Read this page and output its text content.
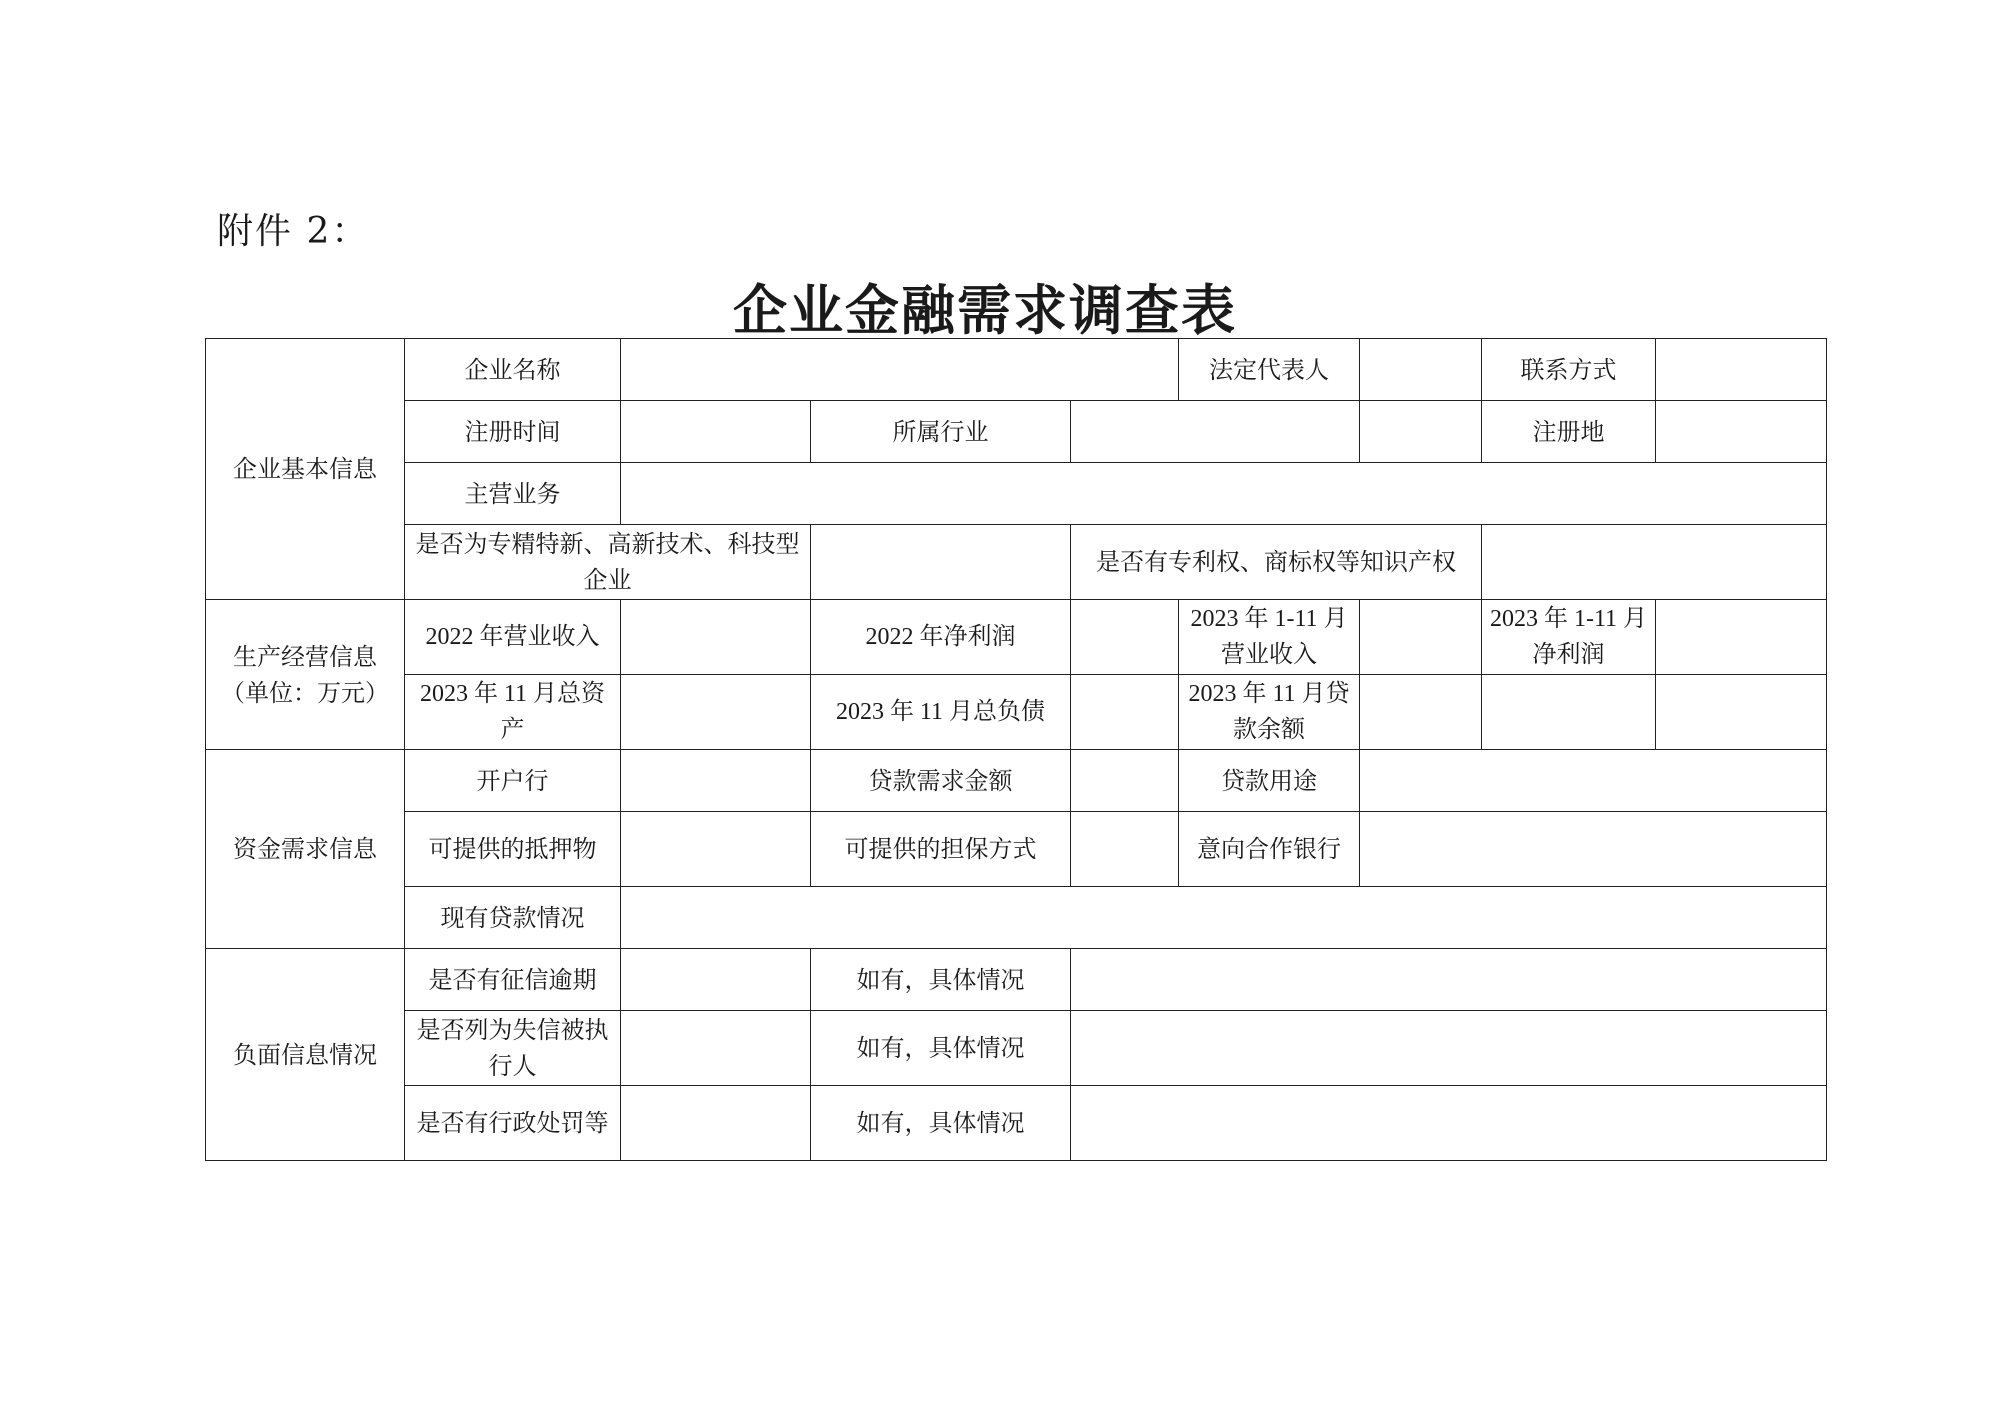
附件 2：
企业金融需求调查表
企业基本信息	企业名称				法定代表人		联系方式	
	注册时间		所属行业				注册地	
	主营业务							
	是否为专精特新、高新技术、科技型企业			是否有专利权、商标权等知识产权				
生产经营信息（单位：万元）	2022 年营业收入		2022 年净利润		2023 年 1-11 月营业收入		2023 年 1-11 月净利润	
	2023 年 11 月总资产		2023 年 11 月总负债		2023 年 11 月贷款余额			
资金需求信息	开户行		贷款需求金额		贷款用途			
	可提供的抵押物		可提供的担保方式		意向合作银行			
	现有贷款情况							
负面信息情况	是否有征信逾期		如有，具体情况					
	是否列为失信被执行人		如有，具体情况					
	是否有行政处罚等		如有，具体情况					
